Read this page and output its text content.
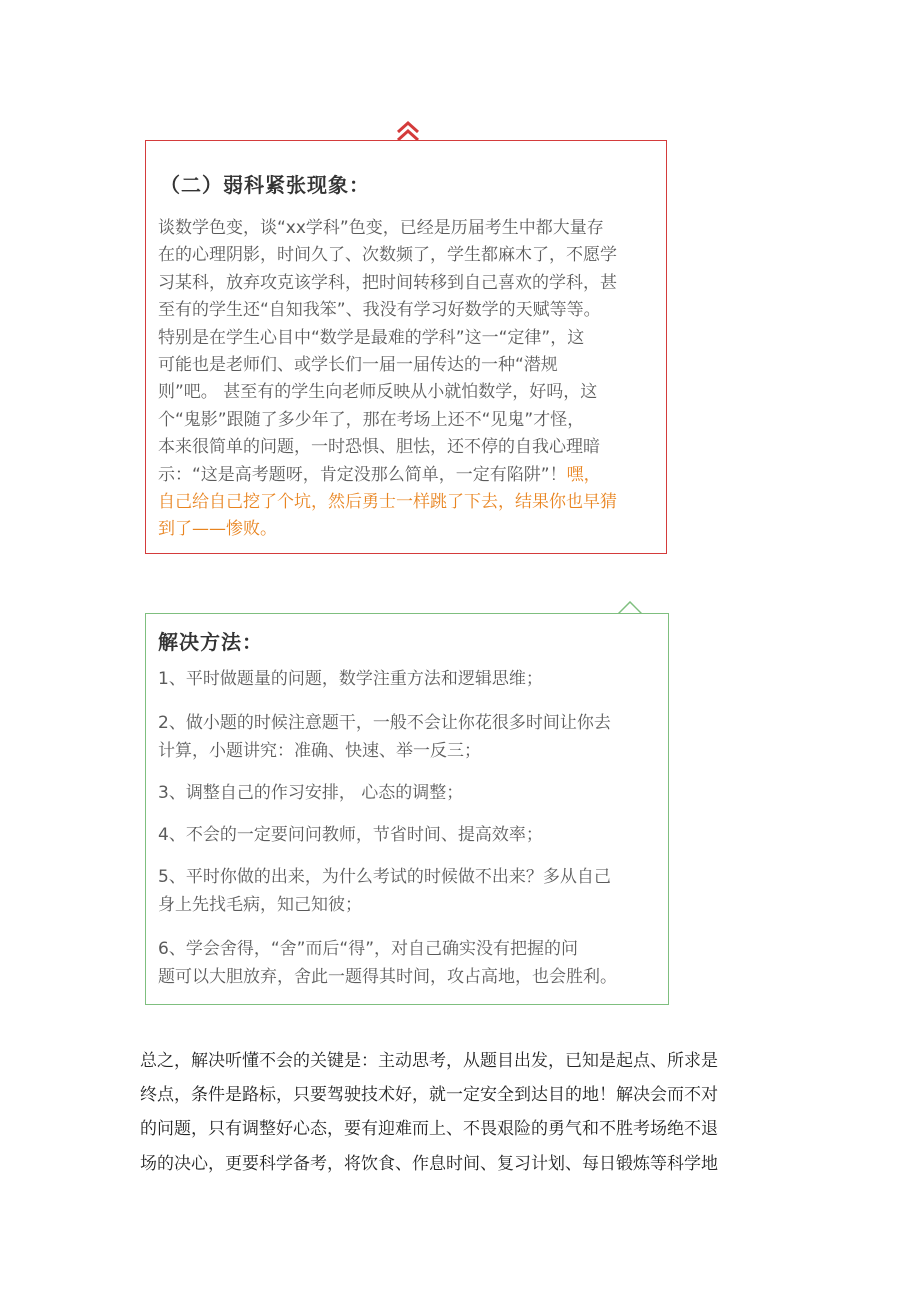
（二）弱科紧张现象：
谈数学色变，谈“xx学科”色变，已经是历届考生中都大量存
在的心理阴影，时间久了、次数频了，学生都麻木了，不愿学
习某科，放弃攻克该学科，把时间转移到自己喜欢的学科，甚
至有的学生还“自知我笨”、我没有学习好数学的天赋等等。
特别是在学生心目中“数学是最难的学科”这一“定律”，这
可能也是老师们、或学长们一届一届传达的一种“潜规
则”吧。 甚至有的学生向老师反映从小就怕数学，好吗，这
个“鬼影”跟随了多少年了，那在考场上还不“见鬼”才怪，
本来很简单的问题，一时恐惧、胆怯，还不停的自我心理暗
示：“这是高考题呀，肯定没那么简单，一定有陷阱”！嘿，
自己给自己挖了个坑，然后勇士一样跳了下去，结果你也早猜
到了——惨败。
解决方法：
1、平时做题量的问题，数学注重方法和逻辑思维；
2、做小题的时候注意题干，一般不会让你花很多时间让你去
计算，小题讲究：准确、快速、举一反三；
3、调整自己的作习安排， 心态的调整；
4、不会的一定要问问教师，节省时间、提高效率；
5、平时你做的出来，为什么考试的时候做不出来？多从自己
身上先找毛病，知己知彼；
6、学会舍得，“舍”而后“得”，对自己确实没有把握的问
题可以大胆放弃，舍此一题得其时间，攻占高地，也会胜利。
总之，解决听懂不会的关键是：主动思考，从题目出发，已知是起点、所求是
终点，条件是路标，只要驾驶技术好，就一定安全到达目的地！解决会而不对
的问题，只有调整好心态，要有迎难而上、不畏艰险的勇气和不胜考场绝不退
场的决心，更要科学备考，将饮食、作息时间、复习计划、每日锻炼等科学地
